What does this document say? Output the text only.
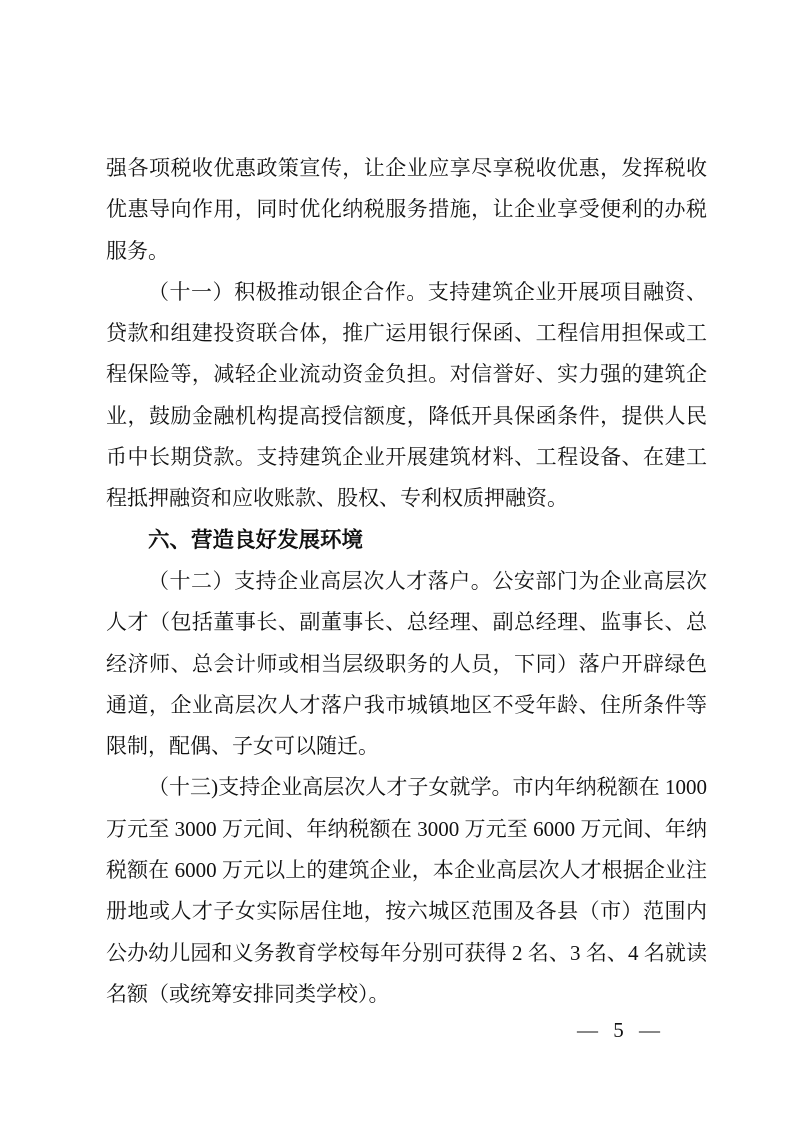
强各项税收优惠政策宣传，让企业应享尽享税收优惠，发挥税收
优惠导向作用，同时优化纳税服务措施，让企业享受便利的办税
服务。
（十一）积极推动银企合作。支持建筑企业开展项目融资、
贷款和组建投资联合体，推广运用银行保函、工程信用担保或工
程保险等，减轻企业流动资金负担。对信誉好、实力强的建筑企
业，鼓励金融机构提高授信额度，降低开具保函条件，提供人民
币中长期贷款。支持建筑企业开展建筑材料、工程设备、在建工
程抵押融资和应收账款、股权、专利权质押融资。
六、营造良好发展环境
（十二）支持企业高层次人才落户。公安部门为企业高层次
人才（包括董事长、副董事长、总经理、副总经理、监事长、总
经济师、总会计师或相当层级职务的人员，下同）落户开辟绿色
通道，企业高层次人才落户我市城镇地区不受年龄、住所条件等
限制，配偶、子女可以随迁。
（十三)支持企业高层次人才子女就学。市内年纳税额在 1000
万元至 3000 万元间、年纳税额在 3000 万元至 6000 万元间、年纳
税额在 6000 万元以上的建筑企业，本企业高层次人才根据企业注
册地或人才子女实际居住地，按六城区范围及各县（市）范围内
公办幼儿园和义务教育学校每年分别可获得 2 名、3 名、4 名就读
名额（或统筹安排同类学校）。
— 5 —
